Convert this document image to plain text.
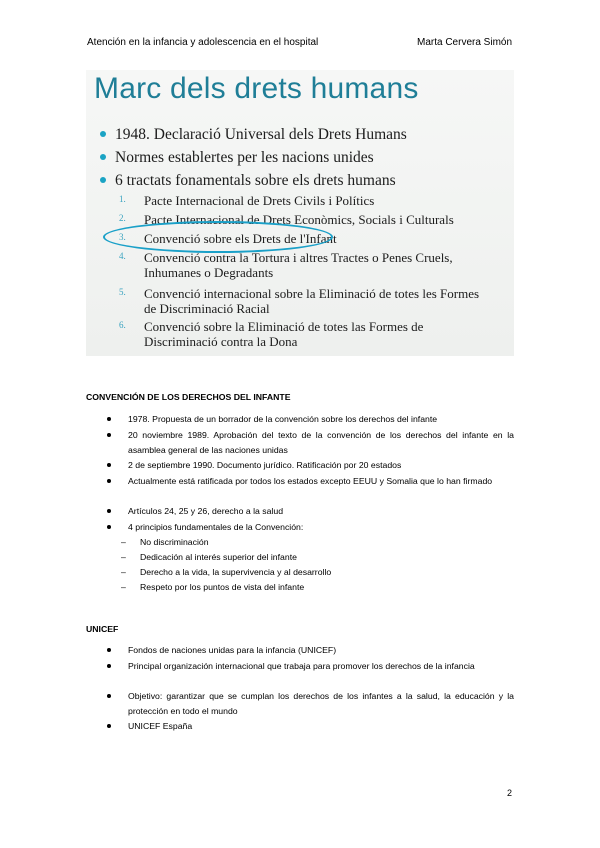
Atención en la infancia y adolescencia en el hospital	Marta Cervera Simón
Marc dels drets humans
1948. Declaració Universal dels Drets Humans
Normes establertes per les nacions unides
6 tractats fonamentals sobre els drets humans
1. Pacte Internacional de Drets Civils i Polítics
2. Pacte Internacional de Drets Econòmics, Socials i Culturals
3. Convenció sobre els Drets de l'Infant
4. Convenció contra la Tortura i altres Tractes o Penes Cruels,
Inhumanes o Degradants
5. Convenció internacional sobre la Eliminació de totes les Formes
de Discriminació Racial
6. Convenció sobre la Eliminació de totes las Formes de
Discriminació contra la Dona
CONVENCIÓN DE LOS DERECHOS DEL INFANTE
1978. Propuesta de un borrador de la convención sobre los derechos del infante
20 noviembre 1989. Aprobación del texto de la convención de los derechos del infante en la asamblea general de las naciones unidas
2 de septiembre 1990. Documento jurídico. Ratificación por 20 estados
Actualmente está ratificada por todos los estados excepto EEUU y Somalia que lo han firmado
Artículos 24, 25 y 26, derecho a la salud
4 principios fundamentales de la Convención:
– No discriminación
– Dedicación al interés superior del infante
– Derecho a la vida, la supervivencia y al desarrollo
– Respeto por los puntos de vista del infante
UNICEF
Fondos de naciones unidas para la infancia (UNICEF)
Principal organización internacional que trabaja para promover los derechos de la infancia
Objetivo: garantizar que se cumplan los derechos de los infantes a la salud, la educación y la protección en todo el mundo
UNICEF España
2
